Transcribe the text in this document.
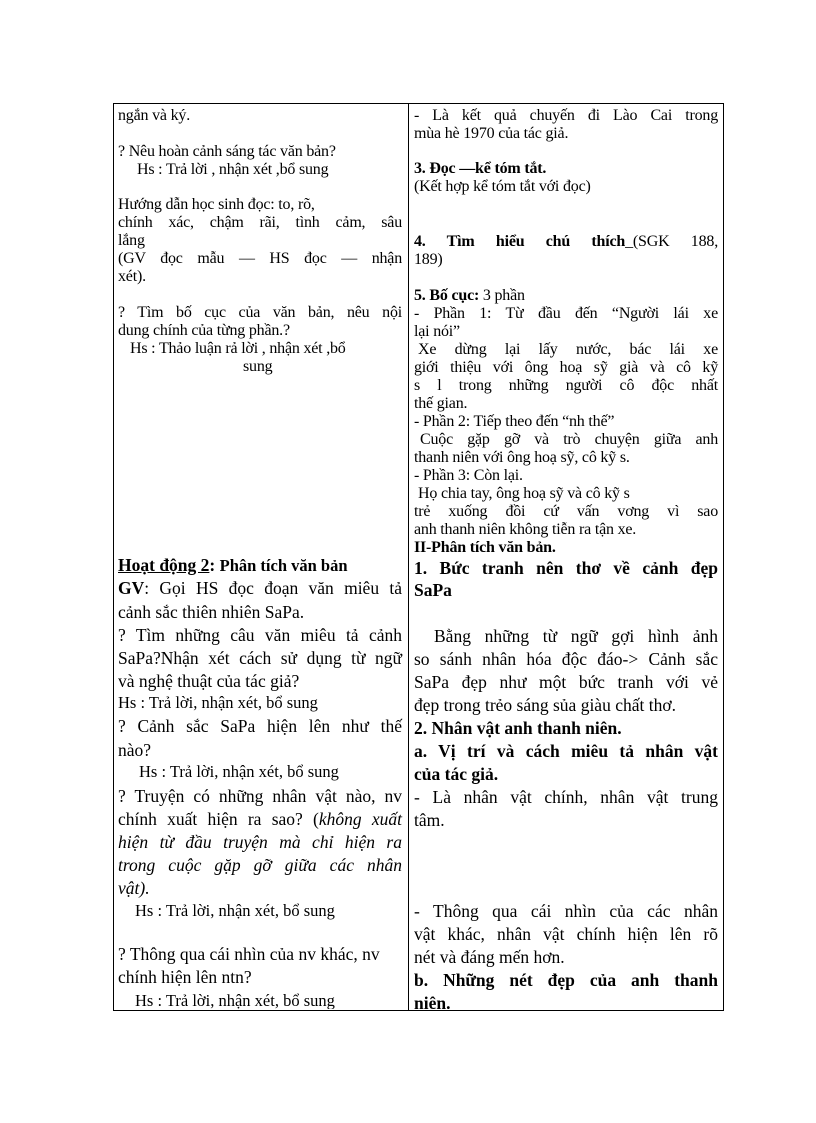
ngắn và ký.
? Nêu hoàn cảnh sáng tác văn bản?
Hs : Trả lời , nhận xét ,bổ sung
Hướng dẫn học sinh đọc: to, rõ,
chính xác, chậm rãi, tình cảm, sâu
lắng
(GV đọc mẫu — HS đọc — nhận
xét).
? Tìm bố cục của văn bản, nêu nội
dung chính của từng phần.?
Hs : Thảo luận rả lời , nhận xét ,bổ
sung
Hoạt động 2: Phân tích văn bản
GV: Gọi HS đọc đoạn văn miêu tả
cảnh sắc thiên nhiên SaPa.
? Tìm những câu văn miêu tả cảnh
SaPa?Nhận xét cách sử dụng từ ngữ
và nghệ thuật của tác giả?
Hs : Trả lời, nhận xét, bổ sung
? Cảnh sắc SaPa hiện lên như thế
nào?
Hs : Trả lời, nhận xét, bổ sung
? Truyện có những nhân vật nào, nv
chính xuất hiện ra sao? (không xuất
hiện từ đầu truyện mà chỉ hiện ra
trong cuộc gặp gỡ giữa các nhân
vật).
Hs : Trả lời, nhận xét, bổ sung
? Thông qua cái nhìn của nv khác, nv
chính hiện lên ntn?
Hs : Trả lời, nhận xét, bổ sung
- Là kết quả chuyến đi Lào Cai trong
mùa hè 1970 của tác giả.
3. Đọc —kể tóm tắt.
(Kết hợp kể tóm tắt với đọc)
4. Tìm hiểu chú thích_(SGK 188,
189)
5. Bố cục: 3 phần
- Phần 1: Từ đầu đến “Người lái xe
lại nói”
Xe dừng lại lấy nước, bác lái xe
giới thiệu với ông hoạ sỹ già và cô kỹ
s l trong những người cô độc nhất
thế gian.
- Phần 2: Tiếp theo đến “nh thế”
Cuộc gặp gỡ và trò chuyện giữa anh
thanh niên với ông hoạ sỹ, cô kỹ s.
- Phần 3: Còn lại.
Họ chia tay, ông hoạ sỹ và cô kỹ s
trẻ xuống đồi cứ vấn vơng vì sao
anh thanh niên không tiễn ra tận xe.
II-Phân tích văn bản.
1. Bức tranh nên thơ về cảnh đẹp
SaPa
Bằng những từ ngữ gợi hình ảnh
so sánh nhân hóa độc đáo-> Cảnh sắc
SaPa đẹp như một bức tranh với vẻ
đẹp trong trẻo sáng sủa giàu chất thơ.
2. Nhân vật anh thanh niên.
a. Vị trí và cách miêu tả nhân vật
của tác giả.
- Là nhân vật chính, nhân vật trung
tâm.
- Thông qua cái nhìn của các nhân
vật khác, nhân vật chính hiện lên rõ
nét và đáng mến hơn.
b. Những nét đẹp của anh thanh
niên.
